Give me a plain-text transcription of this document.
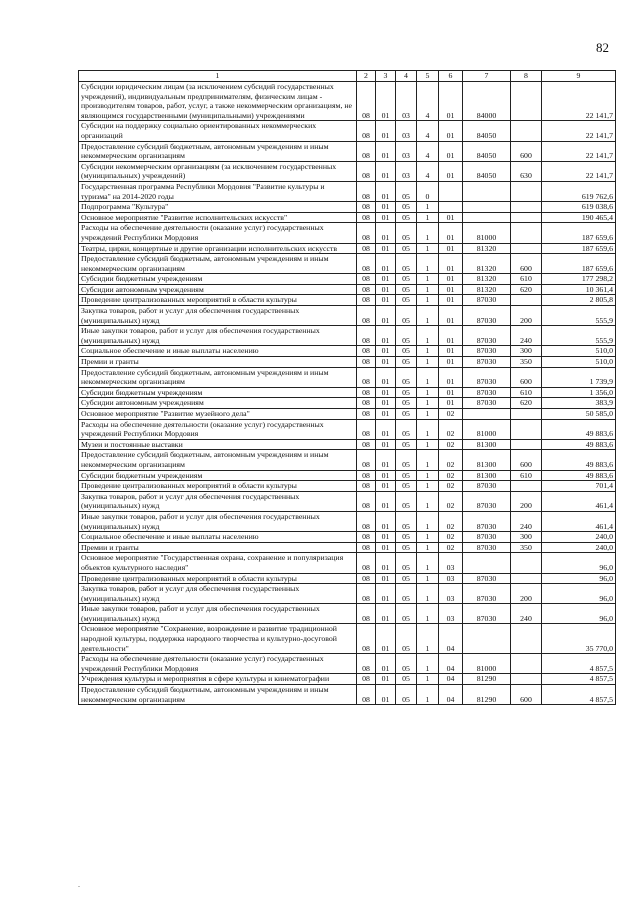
82
1	2	3	4	5	6	7	8	9
Субсидии юридическим лицам (за исключением субсидий государственных учреждений), индивидуальным предпринимателям, физическим лицам - производителям товаров, работ, услуг, а также некоммерческим организациям, не являющимся государственными (муниципальными) учреждениями	08	01	03	4	01	84000		22 141,7
Субсидии на поддержку социально ориентированных некоммерческих организаций	08	01	03	4	01	84050		22 141,7
Предоставление субсидий бюджетным, автономным учреждениям и иным некоммерческим организациям	08	01	03	4	01	84050	600	22 141,7
Субсидии некоммерческим организациям (за исключением государственных (муниципальных) учреждений)	08	01	03	4	01	84050	630	22 141,7
Государственная программа Республики Мордовия "Развитие культуры и туризма" на 2014-2020 годы	08	01	05	0				619 762,6
Подпрограмма "Культура"	08	01	05	1				619 038,6
Основное мероприятие "Развитие исполнительских искусств"	08	01	05	1	01			190 465,4
Расходы на обеспечение деятельности (оказание услуг) государственных учреждений Республики Мордовия	08	01	05	1	01	81000		187 659,6
Театры, цирки, концертные и другие организации исполнительских искусств	08	01	05	1	01	81320		187 659,6
Предоставление субсидий бюджетным, автономным учреждениям и иным некоммерческим организациям	08	01	05	1	01	81320	600	187 659,6
Субсидии бюджетным учреждениям	08	01	05	1	01	81320	610	177 298,2
Субсидии автономным учреждениям	08	01	05	1	01	81320	620	10 361,4
Проведение централизованных мероприятий в области культуры	08	01	05	1	01	87030		2 805,8
Закупка товаров, работ и услуг для обеспечения государственных (муниципальных) нужд	08	01	05	1	01	87030	200	555,9
Иные закупки товаров, работ и услуг для обеспечения государственных (муниципальных) нужд	08	01	05	1	01	87030	240	555,9
Социальное обеспечение и иные выплаты населению	08	01	05	1	01	87030	300	510,0
Премии и гранты	08	01	05	1	01	87030	350	510,0
Предоставление субсидий бюджетным, автономным учреждениям и иным некоммерческим организациям	08	01	05	1	01	87030	600	1 739,9
Субсидии бюджетным учреждениям	08	01	05	1	01	87030	610	1 356,0
Субсидии автономным учреждениям	08	01	05	1	01	87030	620	383,9
Основное мероприятие "Развитие музейного дела"	08	01	05	1	02			50 585,0
Расходы на обеспечение деятельности (оказание услуг) государственных учреждений Республики Мордовия	08	01	05	1	02	81000		49 883,6
Музеи и постоянные выставки	08	01	05	1	02	81300		49 883,6
Предоставление субсидий бюджетным, автономным учреждениям и иным некоммерческим организациям	08	01	05	1	02	81300	600	49 883,6
Субсидии бюджетным учреждениям	08	01	05	1	02	81300	610	49 883,6
Проведение централизованных мероприятий в области культуры	08	01	05	1	02	87030		701,4
Закупка товаров, работ и услуг для обеспечения государственных (муниципальных) нужд	08	01	05	1	02	87030	200	461,4
Иные закупки товаров, работ и услуг для обеспечения государственных (муниципальных) нужд	08	01	05	1	02	87030	240	461,4
Социальное обеспечение и иные выплаты населению	08	01	05	1	02	87030	300	240,0
Премии и гранты	08	01	05	1	02	87030	350	240,0
Основное мероприятие "Государственная охрана, сохранение и популяризация объектов культурного наследия"	08	01	05	1	03			96,0
Проведение централизованных мероприятий в области культуры	08	01	05	1	03	87030		96,0
Закупка товаров, работ и услуг для обеспечения государственных (муниципальных) нужд	08	01	05	1	03	87030	200	96,0
Иные закупки товаров, работ и услуг для обеспечения государственных (муниципальных) нужд	08	01	05	1	03	87030	240	96,0
Основное мероприятие "Сохранение, возрождение и развитие традиционной народной культуры, поддержка народного творчества и культурно-досуговой деятельности"	08	01	05	1	04			35 770,0
Расходы на обеспечение деятельности (оказание услуг) государственных учреждений Республики Мордовия	08	01	05	1	04	81000		4 857,5
Учреждения культуры и мероприятия в сфере культуры и кинематографии	08	01	05	1	04	81290		4 857,5
Предоставление субсидий бюджетным, автономным учреждениям и иным некоммерческим организациям	08	01	05	1	04	81290	600	4 857,5
.
